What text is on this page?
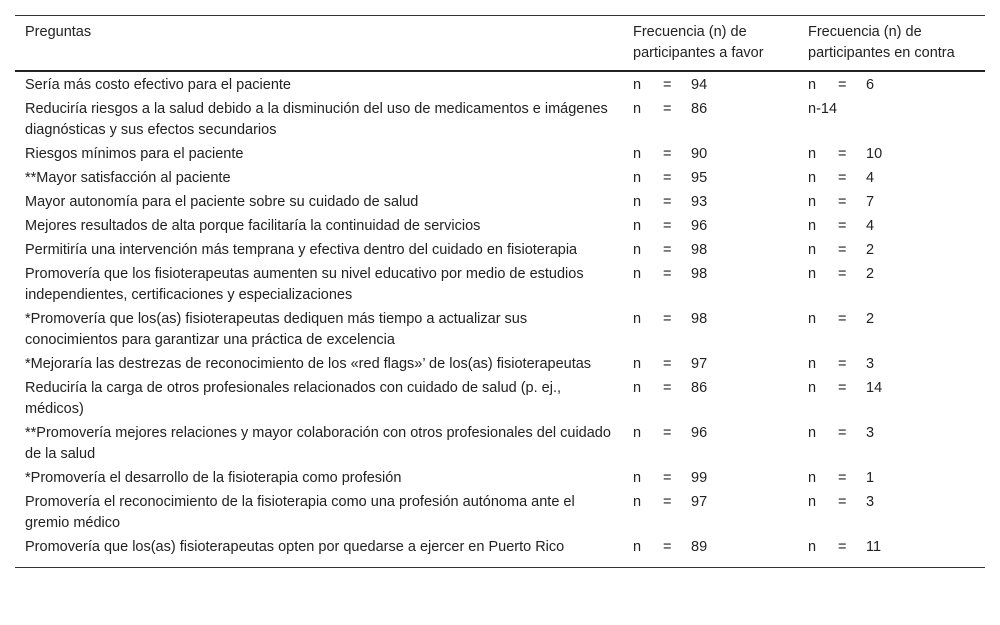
Preguntas	Frecuencia (n) de participantes a favor	Frecuencia (n) de participantes en contra
Sería más costo efectivo para el paciente	n = 94	n = 6
Reduciría riesgos a la salud debido a la disminución del uso de medicamentos e imágenes diagnósticas y sus efectos secundarios	n = 86	n-14
Riesgos mínimos para el paciente	n = 90	n = 10
**Mayor satisfacción al paciente	n = 95	n = 4
Mayor autonomía para el paciente sobre su cuidado de salud	n = 93	n = 7
Mejores resultados de alta porque facilitaría la continuidad de servicios	n = 96	n = 4
Permitiría una intervención más temprana y efectiva dentro del cuidado en fisioterapia	n = 98	n = 2
Promovería que los fisioterapeutas aumenten su nivel educativo por medio de estudios independientes, certificaciones y especializaciones	n = 98	n = 2
*Promovería que los(as) fisioterapeutas dediquen más tiempo a actualizar sus conocimientos para garantizar una práctica de excelencia	n = 98	n = 2
*Mejoraría las destrezas de reconocimiento de los «red flags»’ de los(as) fisioterapeutas	n = 97	n = 3
Reduciría la carga de otros profesionales relacionados con cuidado de salud (p. ej., médicos)	n = 86	n = 14
**Promovería mejores relaciones y mayor colaboración con otros profesionales del cuidado de la salud	n = 96	n = 3
*Promovería el desarrollo de la fisioterapia como profesión	n = 99	n = 1
Promovería el reconocimiento de la fisioterapia como una profesión autónoma ante el gremio médico	n = 97	n = 3
Promovería que los(as) fisioterapeutas opten por quedarse a ejercer en Puerto Rico	n = 89	n = 11
